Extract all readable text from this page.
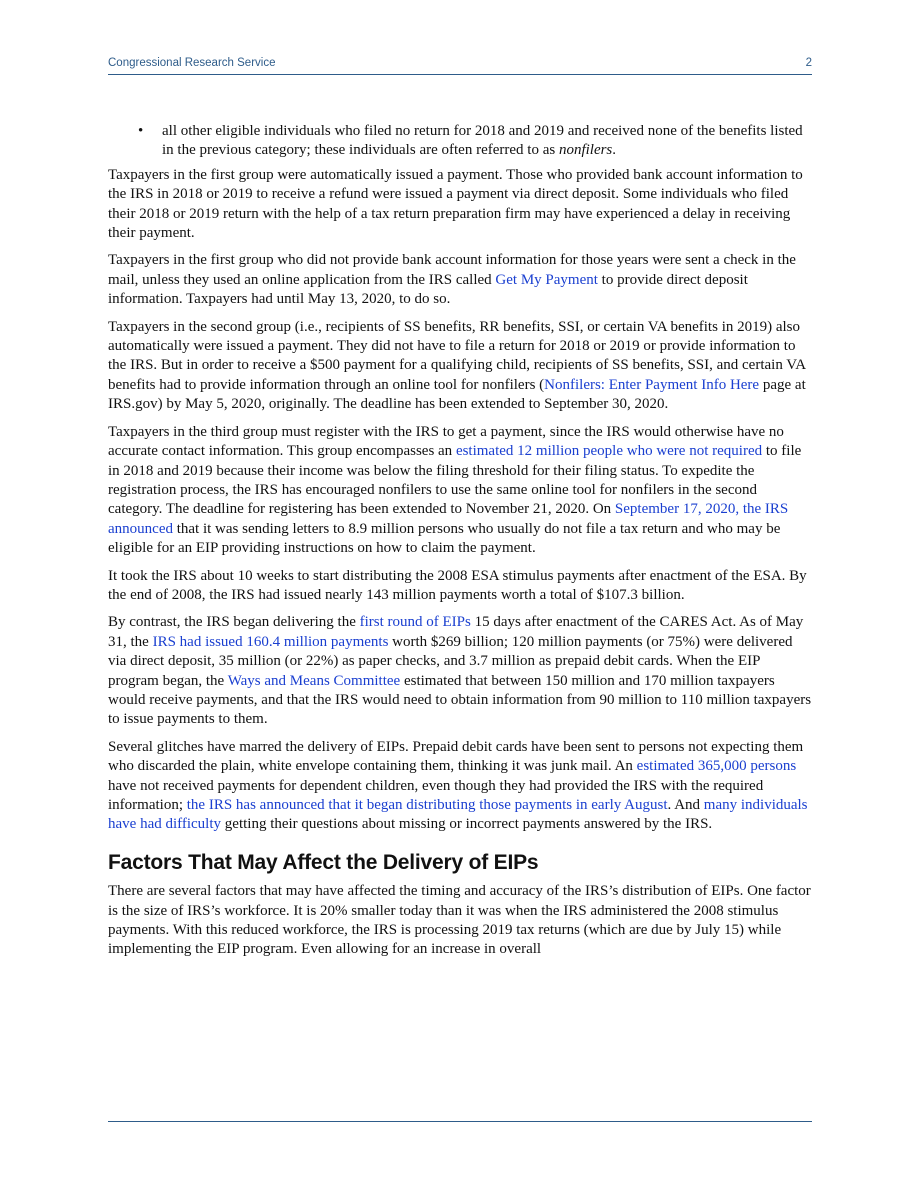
Congressional Research Service	2
• all other eligible individuals who filed no return for 2018 and 2019 and received none of the benefits listed in the previous category; these individuals are often referred to as nonfilers.

Taxpayers in the first group were automatically issued a payment. Those who provided bank account information to the IRS in 2018 or 2019 to receive a refund were issued a payment via direct deposit. Some individuals who filed their 2018 or 2019 return with the help of a tax return preparation firm may have experienced a delay in receiving their payment.

Taxpayers in the first group who did not provide bank account information for those years were sent a check in the mail, unless they used an online application from the IRS called Get My Payment to provide direct deposit information. Taxpayers had until May 13, 2020, to do so.

Taxpayers in the second group (i.e., recipients of SS benefits, RR benefits, SSI, or certain VA benefits in 2019) also automatically were issued a payment. They did not have to file a return for 2018 or 2019 or provide information to the IRS. But in order to receive a $500 payment for a qualifying child, recipients of SS benefits, SSI, and certain VA benefits had to provide information through an online tool for nonfilers (Nonfilers: Enter Payment Info Here page at IRS.gov) by May 5, 2020, originally. The deadline has been extended to September 30, 2020.

Taxpayers in the third group must register with the IRS to get a payment, since the IRS would otherwise have no accurate contact information. This group encompasses an estimated 12 million people who were not required to file in 2018 and 2019 because their income was below the filing threshold for their filing status. To expedite the registration process, the IRS has encouraged nonfilers to use the same online tool for nonfilers in the second category. The deadline for registering has been extended to November 21, 2020. On September 17, 2020, the IRS announced that it was sending letters to 8.9 million persons who usually do not file a tax return and who may be eligible for an EIP providing instructions on how to claim the payment.

It took the IRS about 10 weeks to start distributing the 2008 ESA stimulus payments after enactment of the ESA. By the end of 2008, the IRS had issued nearly 143 million payments worth a total of $107.3 billion.

By contrast, the IRS began delivering the first round of EIPs 15 days after enactment of the CARES Act. As of May 31, the IRS had issued 160.4 million payments worth $269 billion; 120 million payments (or 75%) were delivered via direct deposit, 35 million (or 22%) as paper checks, and 3.7 million as prepaid debit cards. When the EIP program began, the Ways and Means Committee estimated that between 150 million and 170 million taxpayers would receive payments, and that the IRS would need to obtain information from 90 million to 110 million taxpayers to issue payments to them.

Several glitches have marred the delivery of EIPs. Prepaid debit cards have been sent to persons not expecting them who discarded the plain, white envelope containing them, thinking it was junk mail. An estimated 365,000 persons have not received payments for dependent children, even though they had provided the IRS with the required information; the IRS has announced that it began distributing those payments in early August. And many individuals have had difficulty getting their questions about missing or incorrect payments answered by the IRS.

Factors That May Affect the Delivery of EIPs

There are several factors that may have affected the timing and accuracy of the IRS’s distribution of EIPs. One factor is the size of IRS’s workforce. It is 20% smaller today than it was when the IRS administered the 2008 stimulus payments. With this reduced workforce, the IRS is processing 2019 tax returns (which are due by July 15) while implementing the EIP program. Even allowing for an increase in overall
